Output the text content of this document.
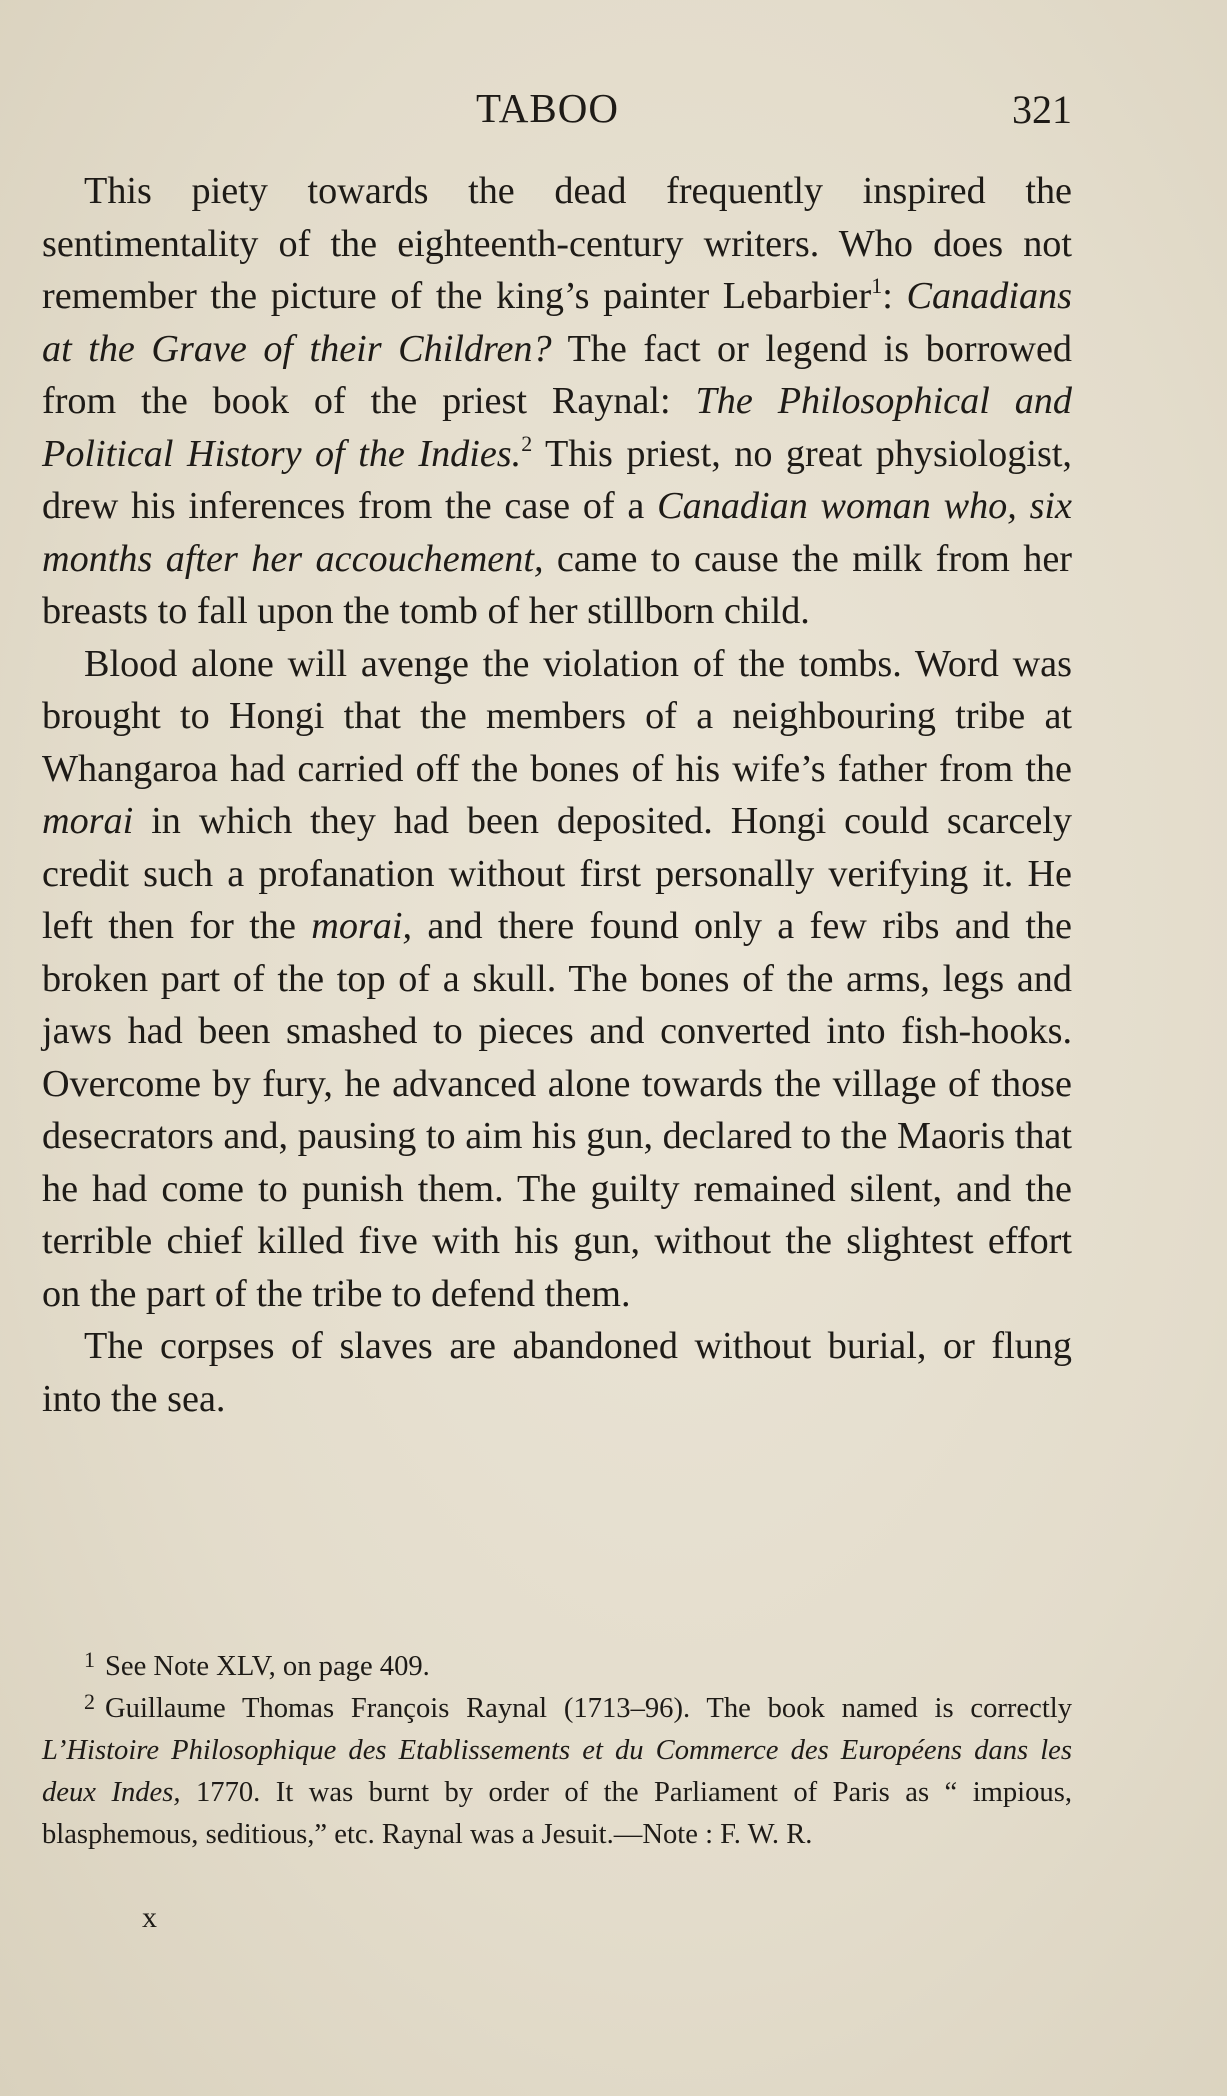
TABOO	321

This piety towards the dead frequently inspired the sentimentality of the eighteenth-century writers. Who does not remember the picture of the king’s painter Lebarbier$^1$: Canadians at the Grave of their Children? The fact or legend is borrowed from the book of the priest Raynal: The Philosophical and Political History of the Indies.$^2$ This priest, no great physiologist, drew his inferences from the case of a Canadian woman who, six months after her accouchement, came to cause the milk from her breasts to fall upon the tomb of her stillborn child.

Blood alone will avenge the violation of the tombs. Word was brought to Hongi that the members of a neighbouring tribe at Whangaroa had carried off the bones of his wife’s father from the morai in which they had been deposited. Hongi could scarcely credit such a profanation without first personally verifying it. He left then for the morai, and there found only a few ribs and the broken part of the top of a skull. The bones of the arms, legs and jaws had been smashed to pieces and converted into fish-hooks. Overcome by fury, he advanced alone towards the village of those desecrators and, pausing to aim his gun, declared to the Maoris that he had come to punish them. The guilty remained silent, and the terrible chief killed five with his gun, without the slightest effort on the part of the tribe to defend them.

The corpses of slaves are abandoned without burial, or flung into the sea.

$^1$ See Note XLV, on page 409.

$^2$ Guillaume Thomas François Raynal (1713–96). The book named is correctly L’Histoire Philosophique des Etablissements et du Commerce des Européens dans les deux Indes, 1770. It was burnt by order of the Parliament of Paris as “ impious, blasphemous, seditious,” etc. Raynal was a Jesuit.—Note : F. W. R.

x
